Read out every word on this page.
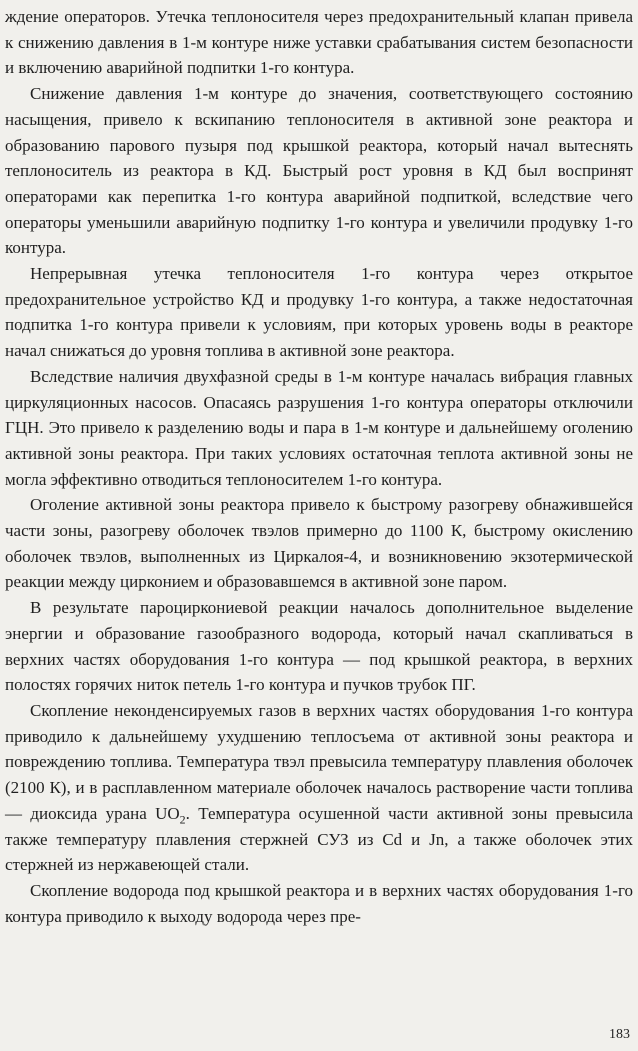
ждение операторов. Утечка теплоносителя через предохранительный клапан привела к снижению давления в 1-м контуре ниже уставки срабатывания систем безопасности и включению аварийной подпитки 1-го контура.

Снижение давления 1-м контуре до значения, соответствующего состоянию насыщения, привело к вскипанию теплоносителя в активной зоне реактора и образованию парового пузыря под крышкой реактора, который начал вытеснять теплоноситель из реактора в КД. Быстрый рост уровня в КД был воспринят операторами как перепитка 1-го контура аварийной подпиткой, вследствие чего операторы уменьшили аварийную подпитку 1-го контура и увеличили продувку 1-го контура.

Непрерывная утечка теплоносителя 1-го контура через открытое предохранительное устройство КД и продувку 1-го контура, а также недостаточная подпитка 1-го контура привели к условиям, при которых уровень воды в реакторе начал снижаться до уровня топлива в активной зоне реактора.

Вследствие наличия двухфазной среды в 1-м контуре началась вибрация главных циркуляционных насосов. Опасаясь разрушения 1-го контура операторы отключили ГЦН. Это привело к разделению воды и пара в 1-м контуре и дальнейшему оголению активной зоны реактора. При таких условиях остаточная теплота активной зоны не могла эффективно отводиться теплоносителем 1-го контура.

Оголение активной зоны реактора привело к быстрому разогреву обнажившейся части зоны, разогреву оболочек твэлов примерно до 1100 К, быстрому окислению оболочек твэлов, выполненных из Циркалоя-4, и возникновению экзотермической реакции между цирконием и образовавшемся в активной зоне паром.

В результате пароциркониевой реакции началось дополнительное выделение энергии и образование газообразного водорода, который начал скапливаться в верхних частях оборудования 1-го контура — под крышкой реактора, в верхних полостях горячих ниток петель 1-го контура и пучков трубок ПГ.

Скопление неконденсируемых газов в верхних частях оборудования 1-го контура приводило к дальнейшему ухудшению теплосъема от активной зоны реактора и повреждению топлива. Температура твэл превысила температуру плавления оболочек (2100 К), и в расплавленном материале оболочек началось растворение части топлива — диоксида урана $UO_2$. Температура осушенной части активной зоны превысила также температуру плавления стержней СУЗ из Cd и Jn, а также оболочек этих стержней из нержавеющей стали.

Скопление водорода под крышкой реактора и в верхних частях оборудования 1-го контура приводило к выходу водорода через пре-

183
